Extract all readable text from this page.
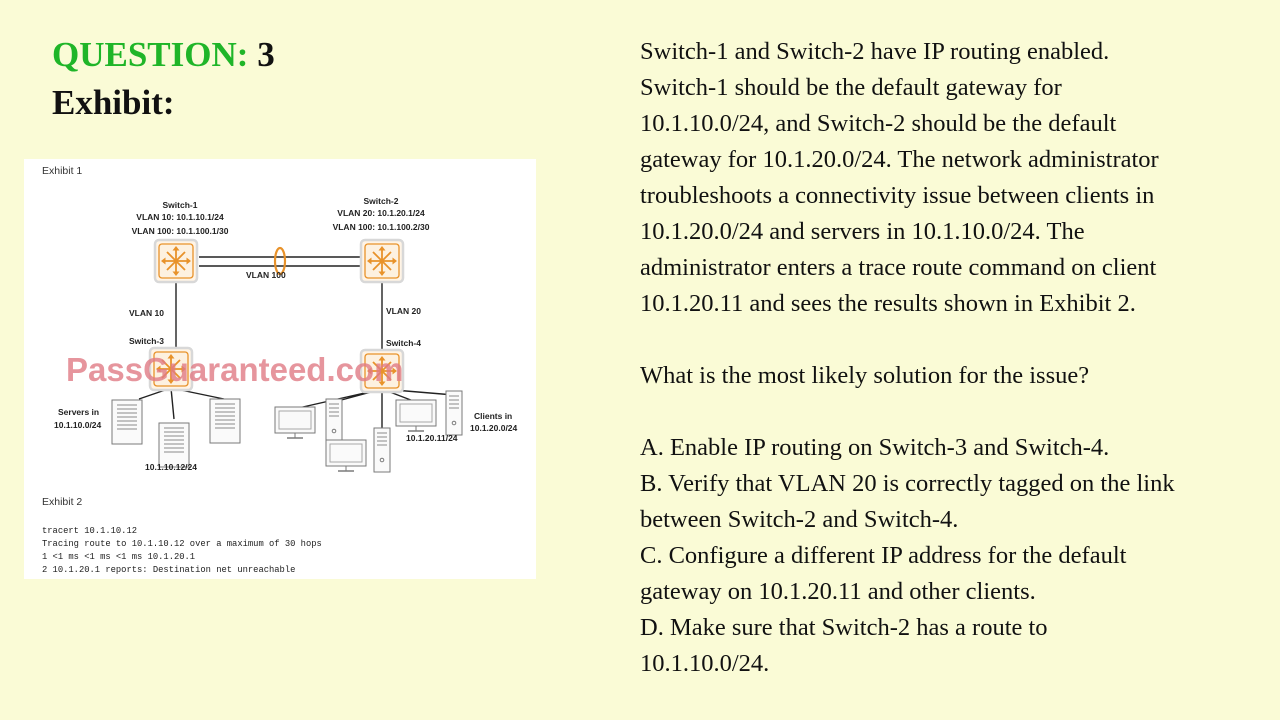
QUESTION: 3
Exhibit:
Exhibit 1
Switch-1
VLAN 10: 10.1.10.1/24
VLAN 100: 10.1.100.1/30
Switch-2
VLAN 20: 10.1.20.1/24
VLAN 100: 10.1.100.2/30
VLAN 100
VLAN 10	VLAN 20
Switch-3	Switch-4
Servers in
10.1.10.0/24
10.1.10.12/24
Clients in
10.1.20.0/24
10.1.20.11/24
PassGuaranteed.com
Exhibit 2
tracert 10.1.10.12
Tracing route to 10.1.10.12 over a maximum of 30 hops
1 <1 ms <1 ms <1 ms 10.1.20.1
2 10.1.20.1 reports: Destination net unreachable

Switch-1 and Switch-2 have IP routing enabled.

Switch-1 should be the default gateway for

10.1.10.0/24, and Switch-2 should be the default

gateway for 10.1.20.0/24. The network administrator

troubleshoots a connectivity issue between clients in

10.1.20.0/24 and servers in 10.1.10.0/24. The

administrator enters a trace route command on client

10.1.20.11 and sees the results shown in Exhibit 2.

What is the most likely solution for the issue?

A. Enable IP routing on Switch-3 and Switch-4.

B. Verify that VLAN 20 is correctly tagged on the link

between Switch-2 and Switch-4.

C. Configure a different IP address for the default

gateway on 10.1.20.11 and other clients.

D. Make sure that Switch-2 has a route to

10.1.10.0/24.
